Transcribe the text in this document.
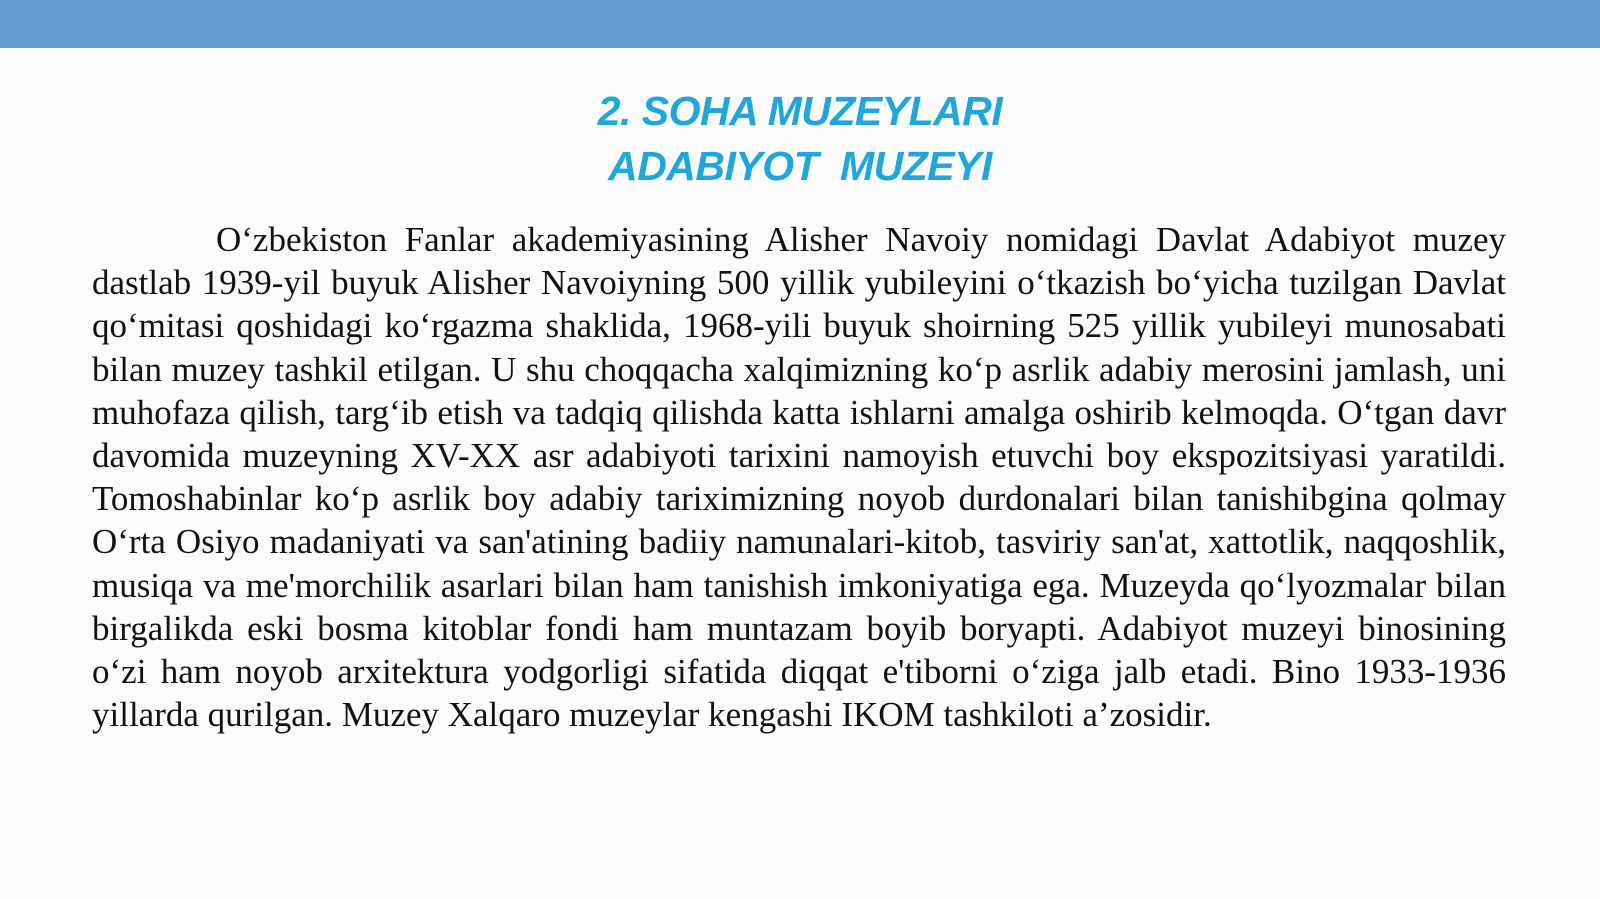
2. SOHA MUZEYLARI
ADABIYOT  MUZEYI

O‘zbekiston Fanlar akademiyasining Alisher Navoiy nomidagi Davlat Adabiyot muzey dastlab 1939-yil buyuk Alisher Navoiyning 500 yillik yubileyini o‘tkazish bo‘yicha tuzilgan Davlat qo‘mitasi qoshidagi ko‘rgazma shaklida, 1968-yili buyuk shoirning 525 yillik yubileyi munosabati bilan muzey tashkil etilgan. U shu choqqacha xalqimizning ko‘p asrlik adabiy merosini jamlash, uni muhofaza qilish, targ‘ib etish va tadqiq qilishda katta ishlarni amalga oshirib kelmoqda. O‘tgan davr davomida muzeyning XV-XX asr adabiyoti tarixini namoyish etuvchi boy ekspozitsiyasi yaratildi. Tomoshabinlar ko‘p asrlik boy adabiy tariximizning noyob durdonalari bilan tanishibgina qolmay O‘rta Osiyo madaniyati va san'atining badiiy namunalari-kitob, tasviriy san'at, xattotlik, naqqoshlik, musiqa va me'morchilik asarlari bilan ham tanishish imkoniyatiga ega. Muzeyda qo‘lyozmalar bilan birgalikda eski bosma kitoblar fondi ham muntazam boyib boryapti. Adabiyot muzeyi binosining o‘zi ham noyob arxitektura yodgorligi sifatida diqqat e'tiborni o‘ziga jalb etadi. Bino 1933-1936 yillarda qurilgan. Muzey Xalqaro muzeylar kengashi IKOM tashkiloti a’zosidir.
